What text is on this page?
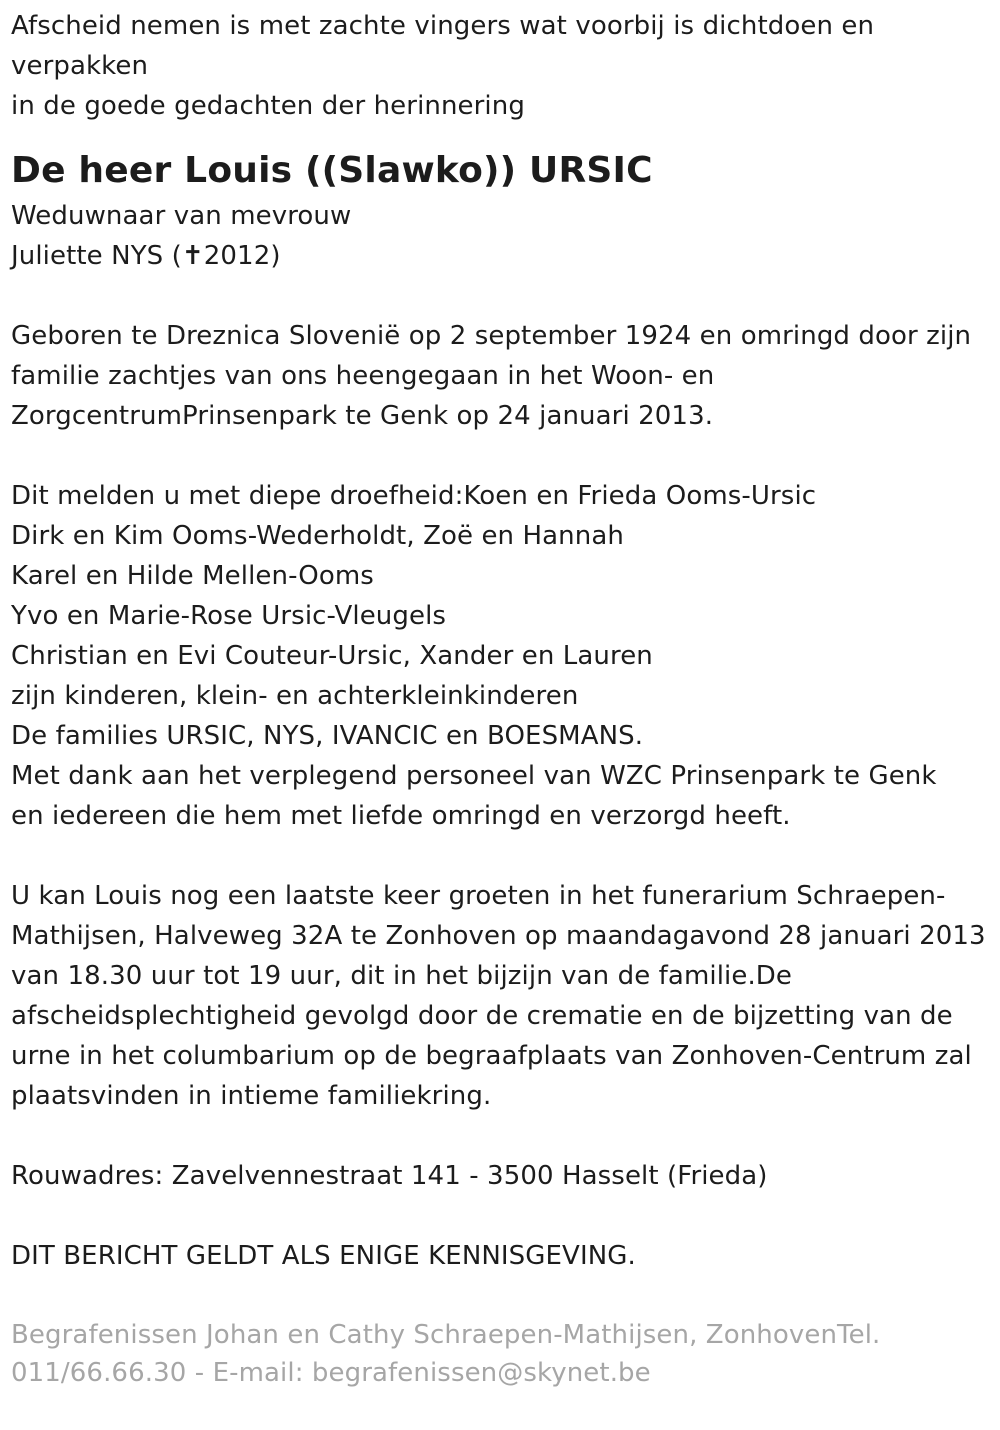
Afscheid nemen is met zachte vingers wat voorbij is dichtdoen en
verpakken
in de goede gedachten der herinnering
De heer Louis ((Slawko)) URSIC
Weduwnaar van mevrouw
Juliette NYS (✝2012)
Geboren te Dreznica Slovenië op 2 september 1924 en omringd door zijn
familie zachtjes van ons heengegaan in het Woon- en
ZorgcentrumPrinsenpark te Genk op 24 januari 2013.
Dit melden u met diepe droefheid:Koen en Frieda Ooms-Ursic
Dirk en Kim Ooms-Wederholdt, Zoë en Hannah
Karel en Hilde Mellen-Ooms
Yvo en Marie-Rose Ursic-Vleugels
Christian en Evi Couteur-Ursic, Xander en Lauren
zijn kinderen, klein- en achterkleinkinderen
De families URSIC, NYS, IVANCIC en BOESMANS.
Met dank aan het verplegend personeel van WZC Prinsenpark te Genk
en iedereen die hem met liefde omringd en verzorgd heeft.
U kan Louis nog een laatste keer groeten in het funerarium Schraepen-
Mathijsen, Halveweg 32A te Zonhoven op maandagavond 28 januari 2013
van 18.30 uur tot 19 uur, dit in het bijzijn van de familie.De
afscheidsplechtigheid gevolgd door de crematie en de bijzetting van de
urne in het columbarium op de begraafplaats van Zonhoven-Centrum zal
plaatsvinden in intieme familiekring.
Rouwadres: Zavelvennestraat 141 - 3500 Hasselt (Frieda)
DIT BERICHT GELDT ALS ENIGE KENNISGEVING.
Begrafenissen Johan en Cathy Schraepen-Mathijsen, ZonhovenTel.
011/66.66.30 - E-mail: begrafenissen@skynet.be
